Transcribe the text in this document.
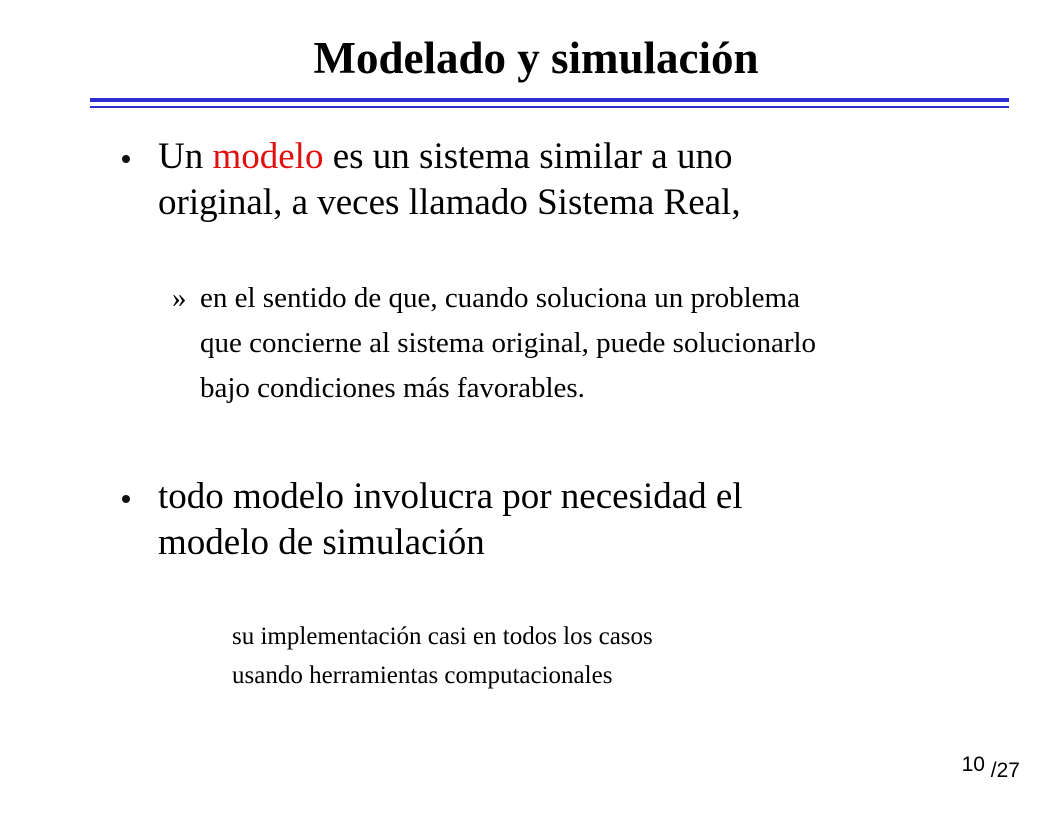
Modelado y simulación
Un modelo es un sistema similar a uno
original, a veces llamado Sistema Real,
» en el sentido de que, cuando soluciona un problema
que concierne al sistema original, puede solucionarlo
bajo condiciones más favorables.
todo modelo involucra por necesidad el
modelo de simulación
su implementación casi en todos los casos
usando herramientas computacionales
10 /27
